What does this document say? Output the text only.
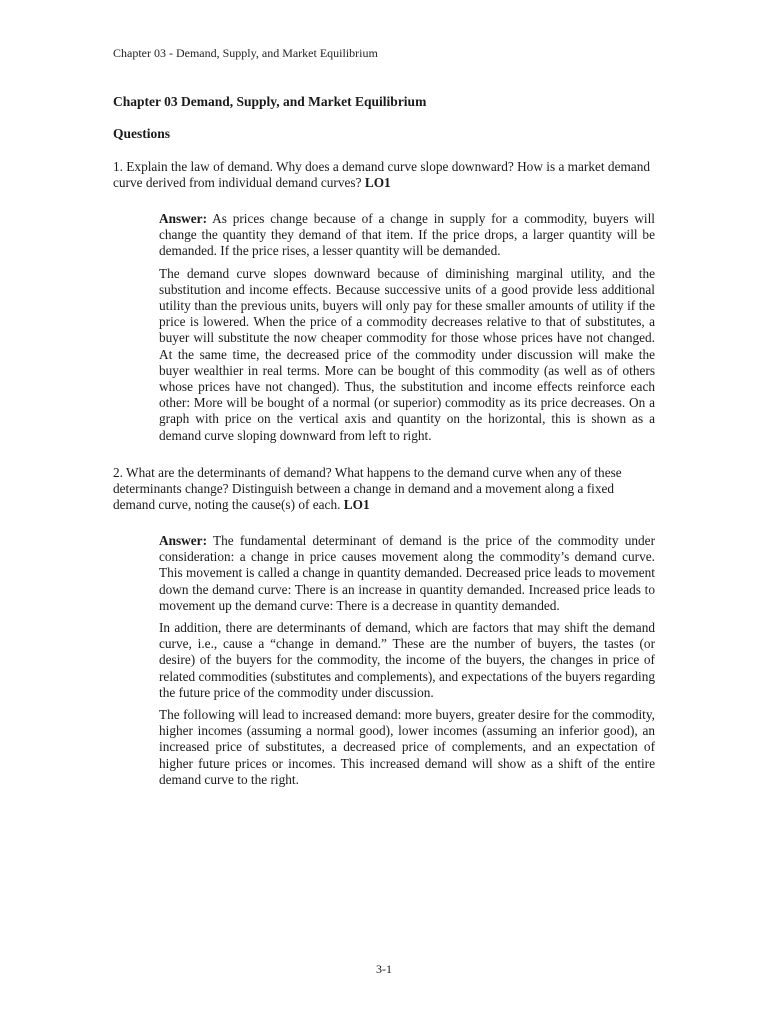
Chapter 03 - Demand, Supply, and Market Equilibrium
Chapter 03 Demand, Supply, and Market Equilibrium
Questions
1. Explain the law of demand. Why does a demand curve slope downward? How is a market demand curve derived from individual demand curves? LO1

Answer: As prices change because of a change in supply for a commodity, buyers will change the quantity they demand of that item. If the price drops, a larger quantity will be demanded. If the price rises, a lesser quantity will be demanded.

The demand curve slopes downward because of diminishing marginal utility, and the substitution and income effects. Because successive units of a good provide less additional utility than the previous units, buyers will only pay for these smaller amounts of utility if the price is lowered. When the price of a commodity decreases relative to that of substitutes, a buyer will substitute the now cheaper commodity for those whose prices have not changed. At the same time, the decreased price of the commodity under discussion will make the buyer wealthier in real terms. More can be bought of this commodity (as well as of others whose prices have not changed). Thus, the substitution and income effects reinforce each other: More will be bought of a normal (or superior) commodity as its price decreases. On a graph with price on the vertical axis and quantity on the horizontal, this is shown as a demand curve sloping downward from left to right.

2. What are the determinants of demand? What happens to the demand curve when any of these determinants change? Distinguish between a change in demand and a movement along a fixed demand curve, noting the cause(s) of each. LO1

Answer: The fundamental determinant of demand is the price of the commodity under consideration: a change in price causes movement along the commodity’s demand curve. This movement is called a change in quantity demanded. Decreased price leads to movement down the demand curve: There is an increase in quantity demanded. Increased price leads to movement up the demand curve: There is a decrease in quantity demanded.

In addition, there are determinants of demand, which are factors that may shift the demand curve, i.e., cause a “change in demand.” These are the number of buyers, the tastes (or desire) of the buyers for the commodity, the income of the buyers, the changes in price of related commodities (substitutes and complements), and expectations of the buyers regarding the future price of the commodity under discussion.

The following will lead to increased demand: more buyers, greater desire for the commodity, higher incomes (assuming a normal good), lower incomes (assuming an inferior good), an increased price of substitutes, a decreased price of complements, and an expectation of higher future prices or incomes. This increased demand will show as a shift of the entire demand curve to the right.

3-1
